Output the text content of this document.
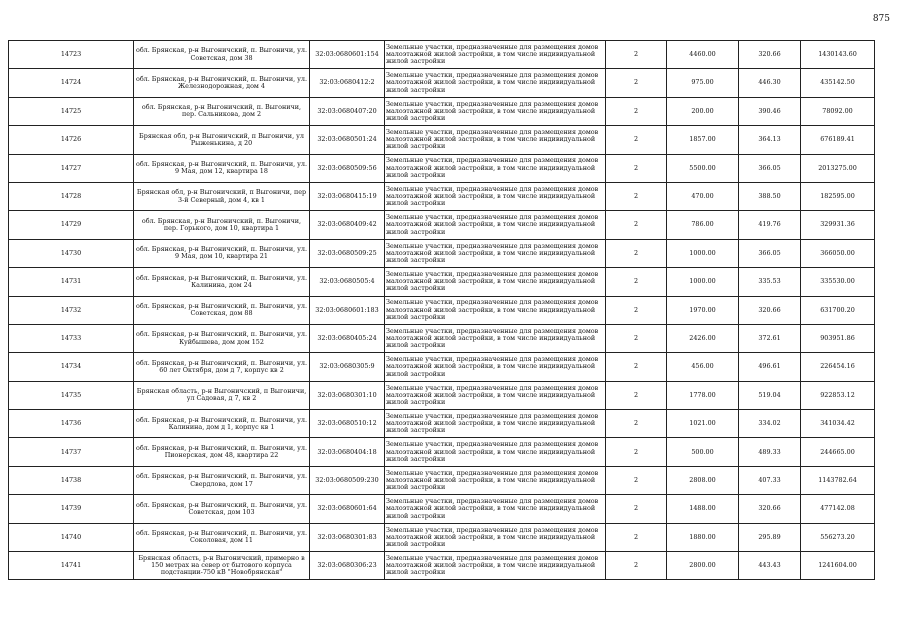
875
14723	обл. Брянская, р-н Выгоничский, п. Выгоничи, ул. Советская, дом 38	32:03:0680601:154	Земельные участки, предназначенные для размещения домов малоэтажной жилой застройки, в том числе индивидуальной жилой застройки	2	4460.00	320.66	1430143.60
14724	обл. Брянская, р-н Выгоничский, п. Выгоничи, ул. Железнодорожная, дом 4	32:03:0680412:2	Земельные участки, предназначенные для размещения домов малоэтажной жилой застройки, в том числе индивидуальной жилой застройки	2	975.00	446.30	435142.50
14725	обл. Брянская, р-н Выгоничский, п. Выгоничи, пер. Сальникова, дом 2	32:03:0680407:20	Земельные участки, предназначенные для размещения домов малоэтажной жилой застройки, в том числе индивидуальной жилой застройки	2	200.00	390.46	78092.00
14726	Брянская обл, р-н Выгоничский, п Выгоничи, ул Рыженькина, д 20	32:03:0680501:24	Земельные участки, предназначенные для размещения домов малоэтажной жилой застройки, в том числе индивидуальной жилой застройки	2	1857.00	364.13	676189.41
14727	обл. Брянская, р-н Выгоничский, п. Выгоничи, ул. 9 Мая, дом 12, квартира 18	32:03:0680509:56	Земельные участки, предназначенные для размещения домов малоэтажной жилой застройки, в том числе индивидуальной жилой застройки	2	5500.00	366.05	2013275.00
14728	Брянская обл, р-н Выгоничский, п Выгоничи, пер 3-й Северный, дом 4, кв 1	32:03:0680415:19	Земельные участки, предназначенные для размещения домов малоэтажной жилой застройки, в том числе индивидуальной жилой застройки	2	470.00	388.50	182595.00
14729	обл. Брянская, р-н Выгоничский, п. Выгоничи, пер. Горького, дом 10, квартира 1	32:03:0680409:42	Земельные участки, предназначенные для размещения домов малоэтажной жилой застройки, в том числе индивидуальной жилой застройки	2	786.00	419.76	329931.36
14730	обл. Брянская, р-н Выгоничский, п. Выгоничи, ул. 9 Мая, дом 10, квартира 21	32:03:0680509:25	Земельные участки, предназначенные для размещения домов малоэтажной жилой застройки, в том числе индивидуальной жилой застройки	2	1000.00	366.05	366050.00
14731	обл. Брянская, р-н Выгоничский, п. Выгоничи, ул. Калинина, дом 24	32:03:0680505:4	Земельные участки, предназначенные для размещения домов малоэтажной жилой застройки, в том числе индивидуальной жилой застройки	2	1000.00	335.53	335530.00
14732	обл. Брянская, р-н Выгоничский, п. Выгоничи, ул. Советская, дом 88	32:03:0680601:183	Земельные участки, предназначенные для размещения домов малоэтажной жилой застройки, в том числе индивидуальной жилой застройки	2	1970.00	320.66	631700.20
14733	обл. Брянская, р-н Выгоничский, п. Выгоничи, ул. Куйбышева, дом дом 152	32:03:0680405:24	Земельные участки, предназначенные для размещения домов малоэтажной жилой застройки, в том числе индивидуальной жилой застройки	2	2426.00	372.61	903951.86
14734	обл. Брянская, р-н Выгоничский, п. Выгоничи, ул. 60 лет Октября, дом д 7, корпус кв 2	32:03:0680305:9	Земельные участки, предназначенные для размещения домов малоэтажной жилой застройки, в том числе индивидуальной жилой застройки	2	456.00	496.61	226454.16
14735	Брянская область, р-н Выгоничский, п Выгоничи, ул Садовая, д 7, кв 2	32:03:0680301:10	Земельные участки, предназначенные для размещения домов малоэтажной жилой застройки, в том числе индивидуальной жилой застройки	2	1778.00	519.04	922853.12
14736	обл. Брянская, р-н Выгоничский, п. Выгоничи, ул. Калинина, дом д 1, корпус кв 1	32:03:0680510:12	Земельные участки, предназначенные для размещения домов малоэтажной жилой застройки, в том числе индивидуальной жилой застройки	2	1021.00	334.02	341034.42
14737	обл. Брянская, р-н Выгоничский, п. Выгоничи, ул. Пионерская, дом 48, квартира 22	32:03:0680404:18	Земельные участки, предназначенные для размещения домов малоэтажной жилой застройки, в том числе индивидуальной жилой застройки	2	500.00	489.33	244665.00
14738	обл. Брянская, р-н Выгоничский, п. Выгоничи, ул. Свердлова, дом 17	32:03:0680509:230	Земельные участки, предназначенные для размещения домов малоэтажной жилой застройки, в том числе индивидуальной жилой застройки	2	2808.00	407.33	1143782.64
14739	обл. Брянская, р-н Выгоничский, п. Выгоничи, ул. Советская, дом 103	32:03:0680601:64	Земельные участки, предназначенные для размещения домов малоэтажной жилой застройки, в том числе индивидуальной жилой застройки	2	1488.00	320.66	477142.08
14740	обл. Брянская, р-н Выгоничский, п. Выгоничи, ул. Соколовая, дом 11	32:03:0680301:83	Земельные участки, предназначенные для размещения домов малоэтажной жилой застройки, в том числе индивидуальной жилой застройки	2	1880.00	295.89	556273.20
14741	Брянская область, р-н Выгоничский, примерно в 150 метрах на север от бытового корпуса подстанции-750 кВ "Новобрянская"	32:03:0680306:23	Земельные участки, предназначенные для размещения домов малоэтажной жилой застройки, в том числе индивидуальной жилой застройки	2	2800.00	443.43	1241604.00
